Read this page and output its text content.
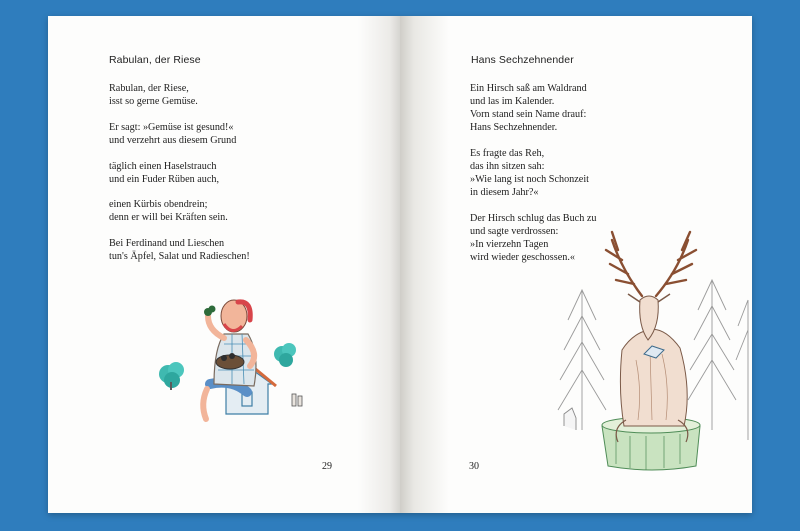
Rabulan, der Riese
Rabulan, der Riese,
isst so gerne Gemüse.
Er sagt: »Gemüse ist gesund!«
und verzehrt aus diesem Grund
täglich einen Haselstrauch
und ein Fuder Rüben auch,
einen Kürbis obendrein;
denn er will bei Kräften sein.
Bei Ferdinand und Lieschen
tun's Äpfel, Salat und Radieschen!
29
Hans Sechzehnender
Ein Hirsch saß am Waldrand
und las im Kalender.
Vorn stand sein Name drauf:
Hans Sechzehnender.
Es fragte das Reh,
das ihn sitzen sah:
»Wie lang ist noch Schonzeit
in diesem Jahr?«
Der Hirsch schlug das Buch zu
und sagte verdrossen:
»In vierzehn Tagen
wird wieder geschossen.«
30
